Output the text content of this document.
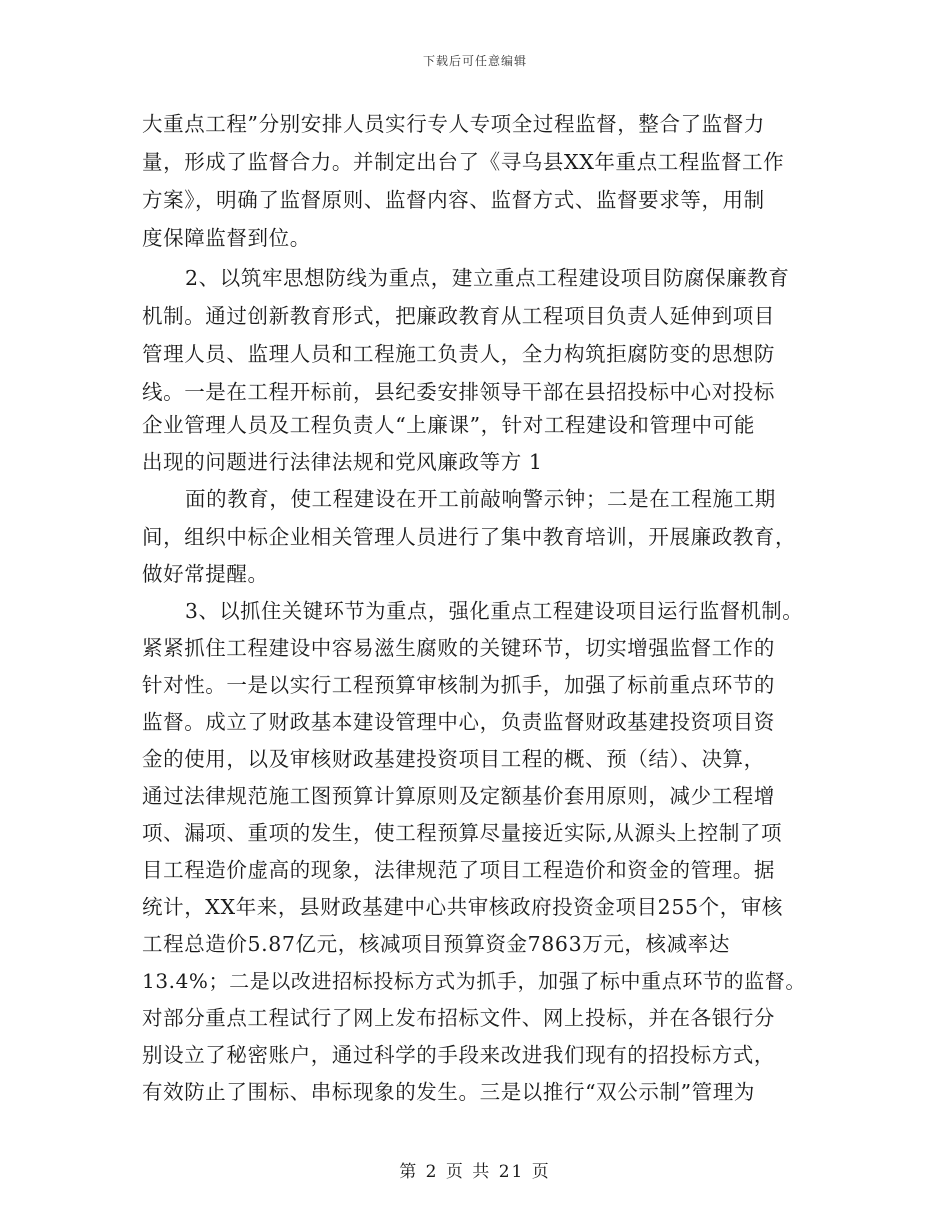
下载后可任意编辑
大重点工程”分别安排人员实行专人专项全过程监督，整合了监督力
量，形成了监督合力。并制定出台了《寻乌县XX年重点工程监督工作
方案》，明确了监督原则、监督内容、监督方式、监督要求等，用制
度保障监督到位。
2、以筑牢思想防线为重点，建立重点工程建设项目防腐保廉教育
机制。通过创新教育形式，把廉政教育从工程项目负责人延伸到项目
管理人员、监理人员和工程施工负责人，全力构筑拒腐防变的思想防
线。一是在工程开标前，县纪委安排领导干部在县招投标中心对投标
企业管理人员及工程负责人“上廉课”，针对工程建设和管理中可能
出现的问题进行法律法规和党风廉政等方 1
面的教育，使工程建设在开工前敲响警示钟；二是在工程施工期
间，组织中标企业相关管理人员进行了集中教育培训，开展廉政教育，
做好常提醒。
3、以抓住关键环节为重点，强化重点工程建设项目运行监督机制。
紧紧抓住工程建设中容易滋生腐败的关键环节，切实增强监督工作的
针对性。一是以实行工程预算审核制为抓手，加强了标前重点环节的
监督。成立了财政基本建设管理中心，负责监督财政基建投资项目资
金的使用，以及审核财政基建投资项目工程的概、预（结）、决算，
通过法律规范施工图预算计算原则及定额基价套用原则，减少工程增
项、漏项、重项的发生，使工程预算尽量接近实际,从源头上控制了项
目工程造价虚高的现象，法律规范了项目工程造价和资金的管理。据
统计，XX年来，县财政基建中心共审核政府投资金项目255个，审核
工程总造价5.87亿元，核减项目预算资金7863万元，核减率达
13.4%；二是以改进招标投标方式为抓手，加强了标中重点环节的监督。
对部分重点工程试行了网上发布招标文件、网上投标，并在各银行分
别设立了秘密账户，通过科学的手段来改进我们现有的招投标方式，
有效防止了围标、串标现象的发生。三是以推行“双公示制”管理为
第 2 页 共 21 页
